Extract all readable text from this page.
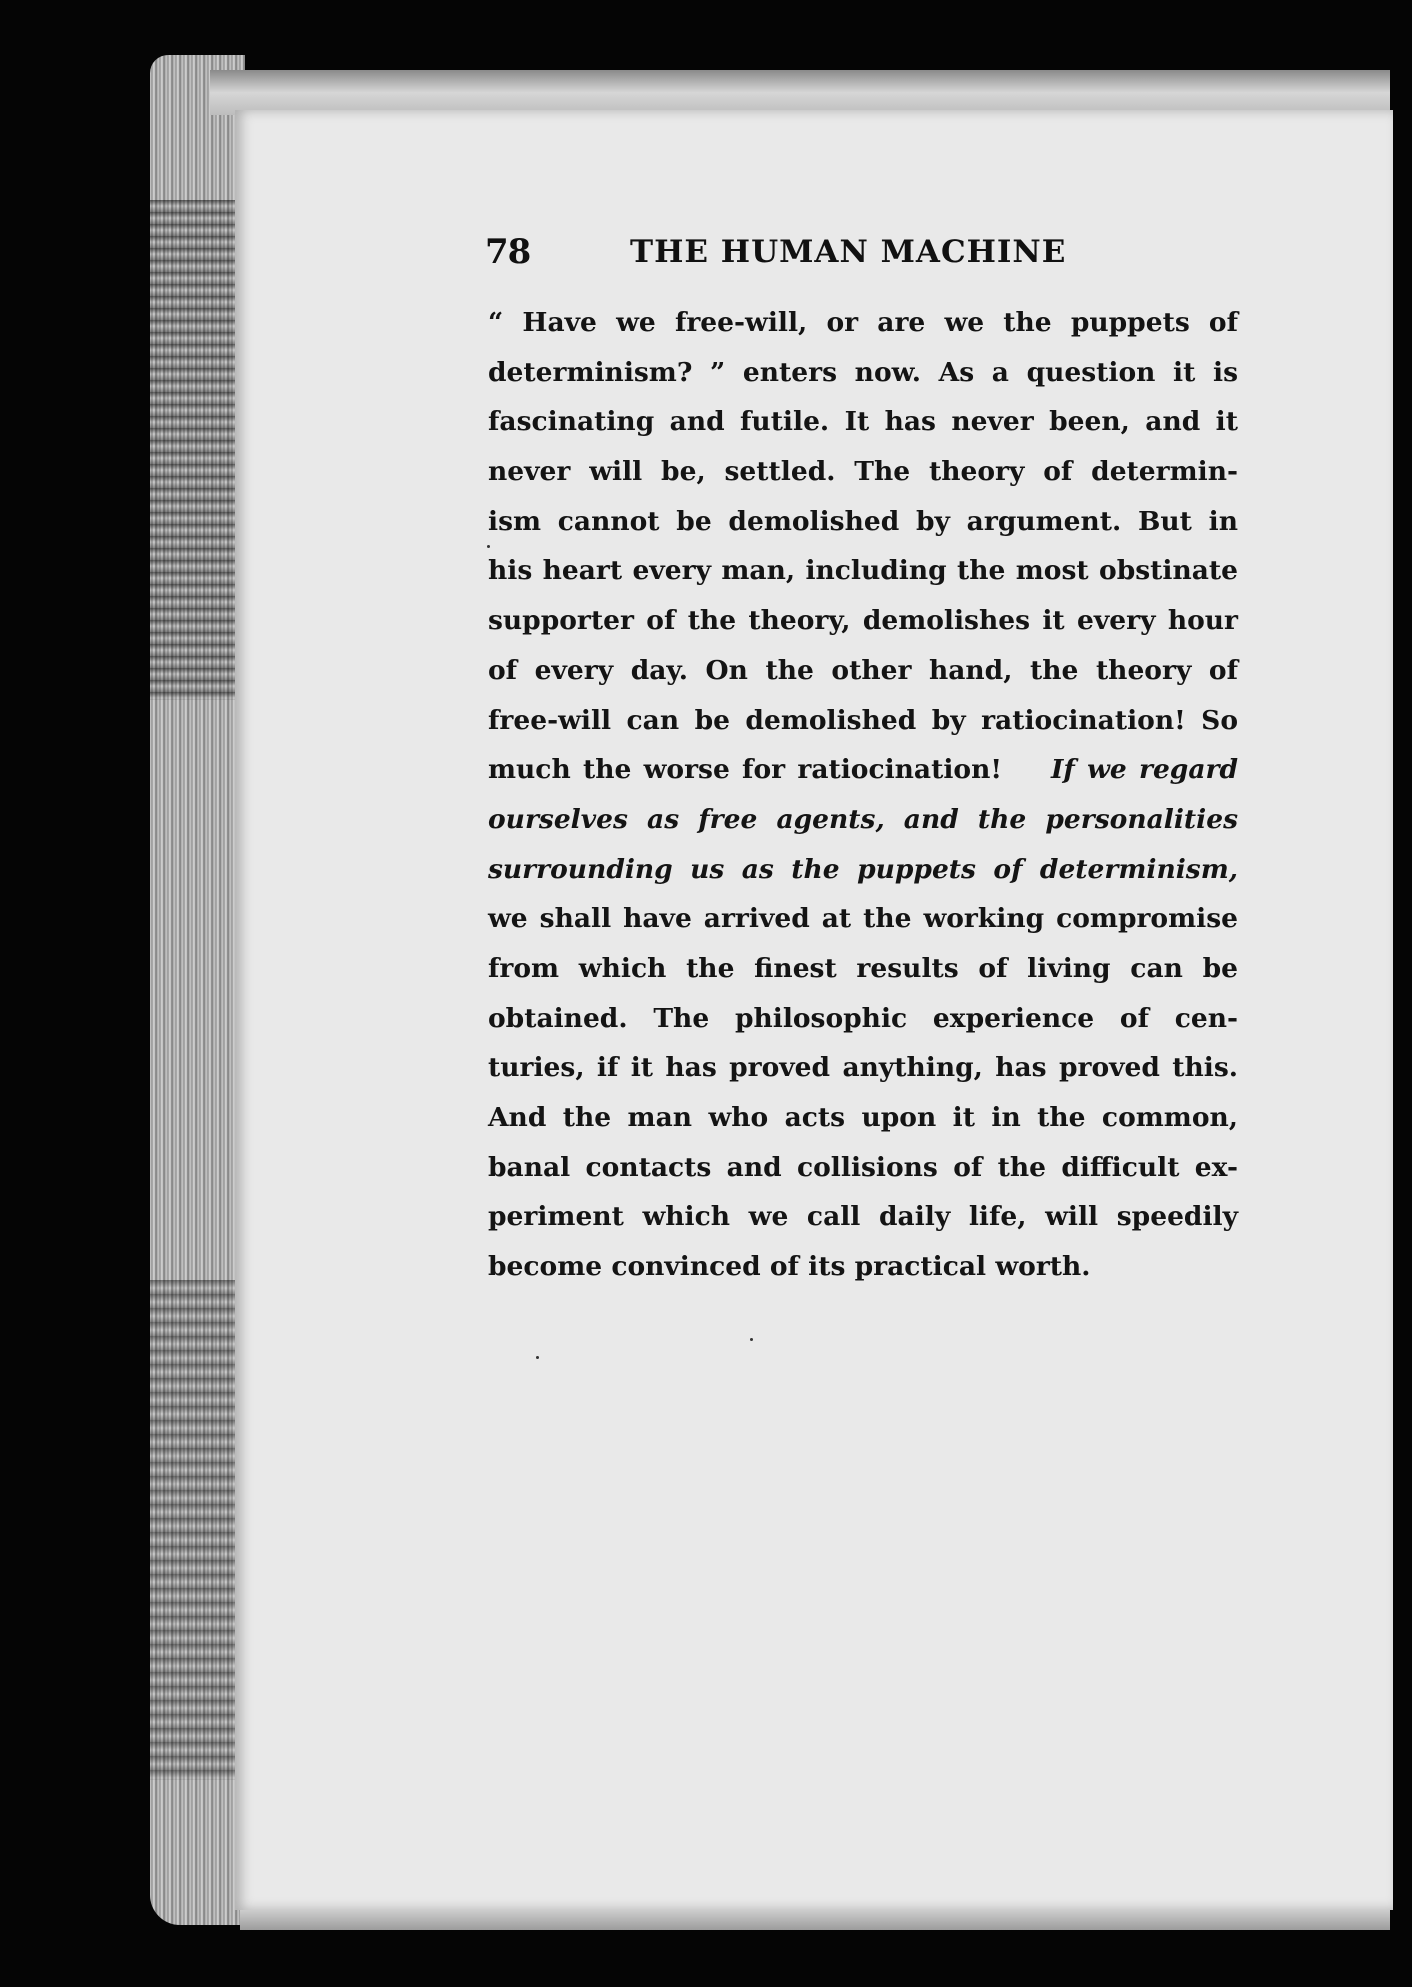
78	THE HUMAN MACHINE
“ Have we free-will, or are we the puppets of
determinism? ” enters now. As a question it is
fascinating and futile. It has never been, and it
never will be, settled. The theory of determin-
ism cannot be demolished by argument. But in
his heart every man, including the most obstinate
supporter of the theory, demolishes it every hour
of every day. On the other hand, the theory of
free-will can be demolished by ratiocination! So
much the worse for ratiocination! If we regard
ourselves as free agents, and the personalities
surrounding us as the puppets of determinism,
we shall have arrived at the working compromise
from which the finest results of living can be
obtained. The philosophic experience of cen-
turies, if it has proved anything, has proved this.
And the man who acts upon it in the common,
banal contacts and collisions of the difficult ex-
periment which we call daily life, will speedily
become convinced of its practical worth.
